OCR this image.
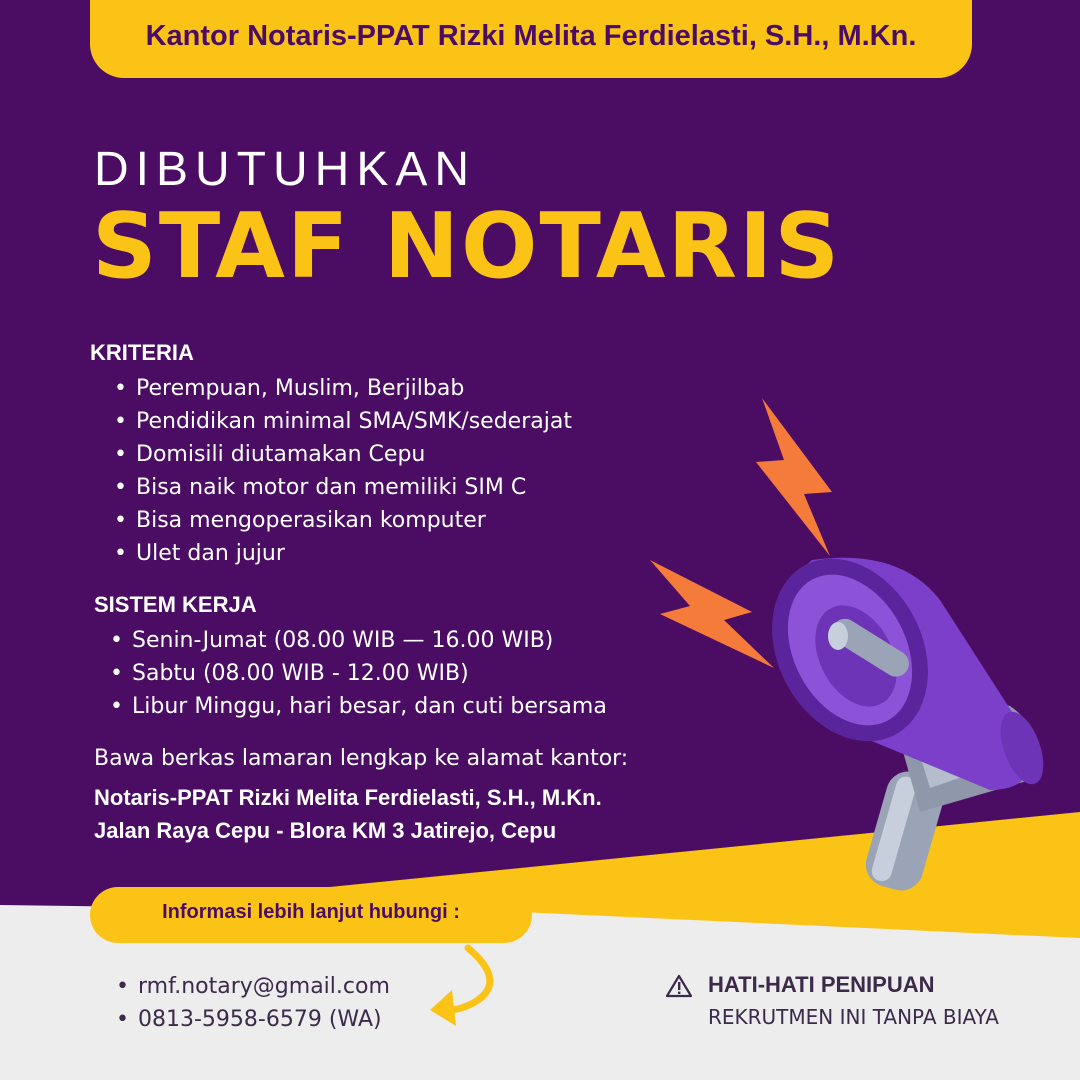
Kantor Notaris-PPAT Rizki Melita Ferdielasti, S.H., M.Kn.
DIBUTUHKAN
STAF NOTARIS
KRITERIA
• Perempuan, Muslim, Berjilbab
• Pendidikan minimal SMA/SMK/sederajat
• Domisili diutamakan Cepu
• Bisa naik motor dan memiliki SIM C
• Bisa mengoperasikan komputer
• Ulet dan jujur
SISTEM KERJA
• Senin-Jumat (08.00 WIB — 16.00 WIB)
• Sabtu (08.00 WIB - 12.00 WIB)
• Libur Minggu, hari besar, dan cuti bersama
Bawa berkas lamaran lengkap ke alamat kantor:
Notaris-PPAT Rizki Melita Ferdielasti, S.H., M.Kn.
Jalan Raya Cepu - Blora KM 3 Jatirejo, Cepu
Informasi lebih lanjut hubungi :
• rmf.notary@gmail.com
• 0813-5958-6579 (WA)
HATI-HATI PENIPUAN
REKRUTMEN INI TANPA BIAYA
